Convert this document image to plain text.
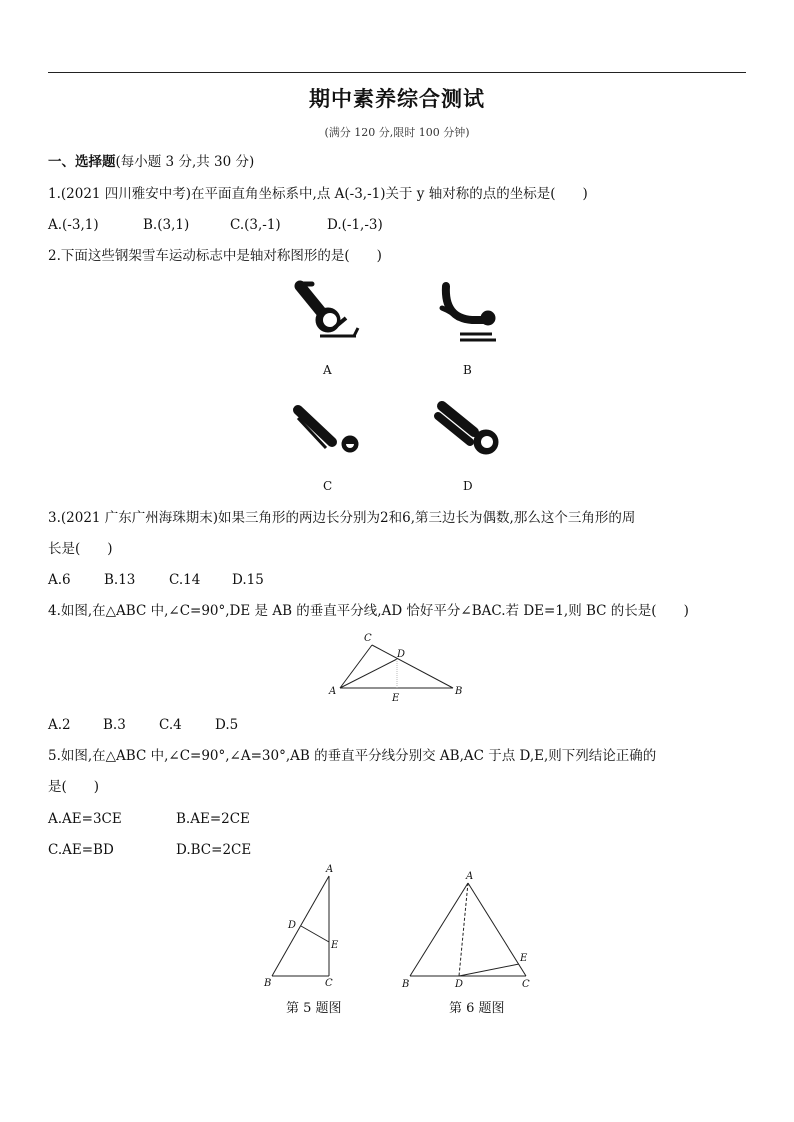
期中素养综合测试
(满分 120 分,限时 100 分钟)
一、选择题(每小题 3 分,共 30 分)
1.(2021 四川雅安中考)在平面直角坐标系中,点 A(-3,-1)关于 y 轴对称的点的坐标是(　　)
A.(-3,1)	B.(3,1)	C.(3,-1)	D.(-1,-3)
2.下面这些钢架雪车运动标志中是轴对称图形的是(　　)
A	B
C	D
3.(2021 广东广州海珠期末)如果三角形的两边长分别为2和6,第三边长为偶数,那么这个三角形的周
长是(　　)
A.6 B.13 C.14 D.15
4.如图,在△ABC 中,∠C=90°,DE 是 AB 的垂直平分线,AD 恰好平分∠BAC.若 DE=1,则 BC 的长是(　　)
A	B
C
D
E
A.2 B.3 C.4 D.5
5.如图,在△ABC 中,∠C=90°,∠A=30°,AB 的垂直平分线分别交 AB,AC 于点 D,E,则下列结论正确的
是(　　)
A.AE=3CE	B.AE=2CE
C.AE=BD	D.BC=2CE
A
B	C
D
E
A
B	C
D
E
第 5 题图	第 6 题图
